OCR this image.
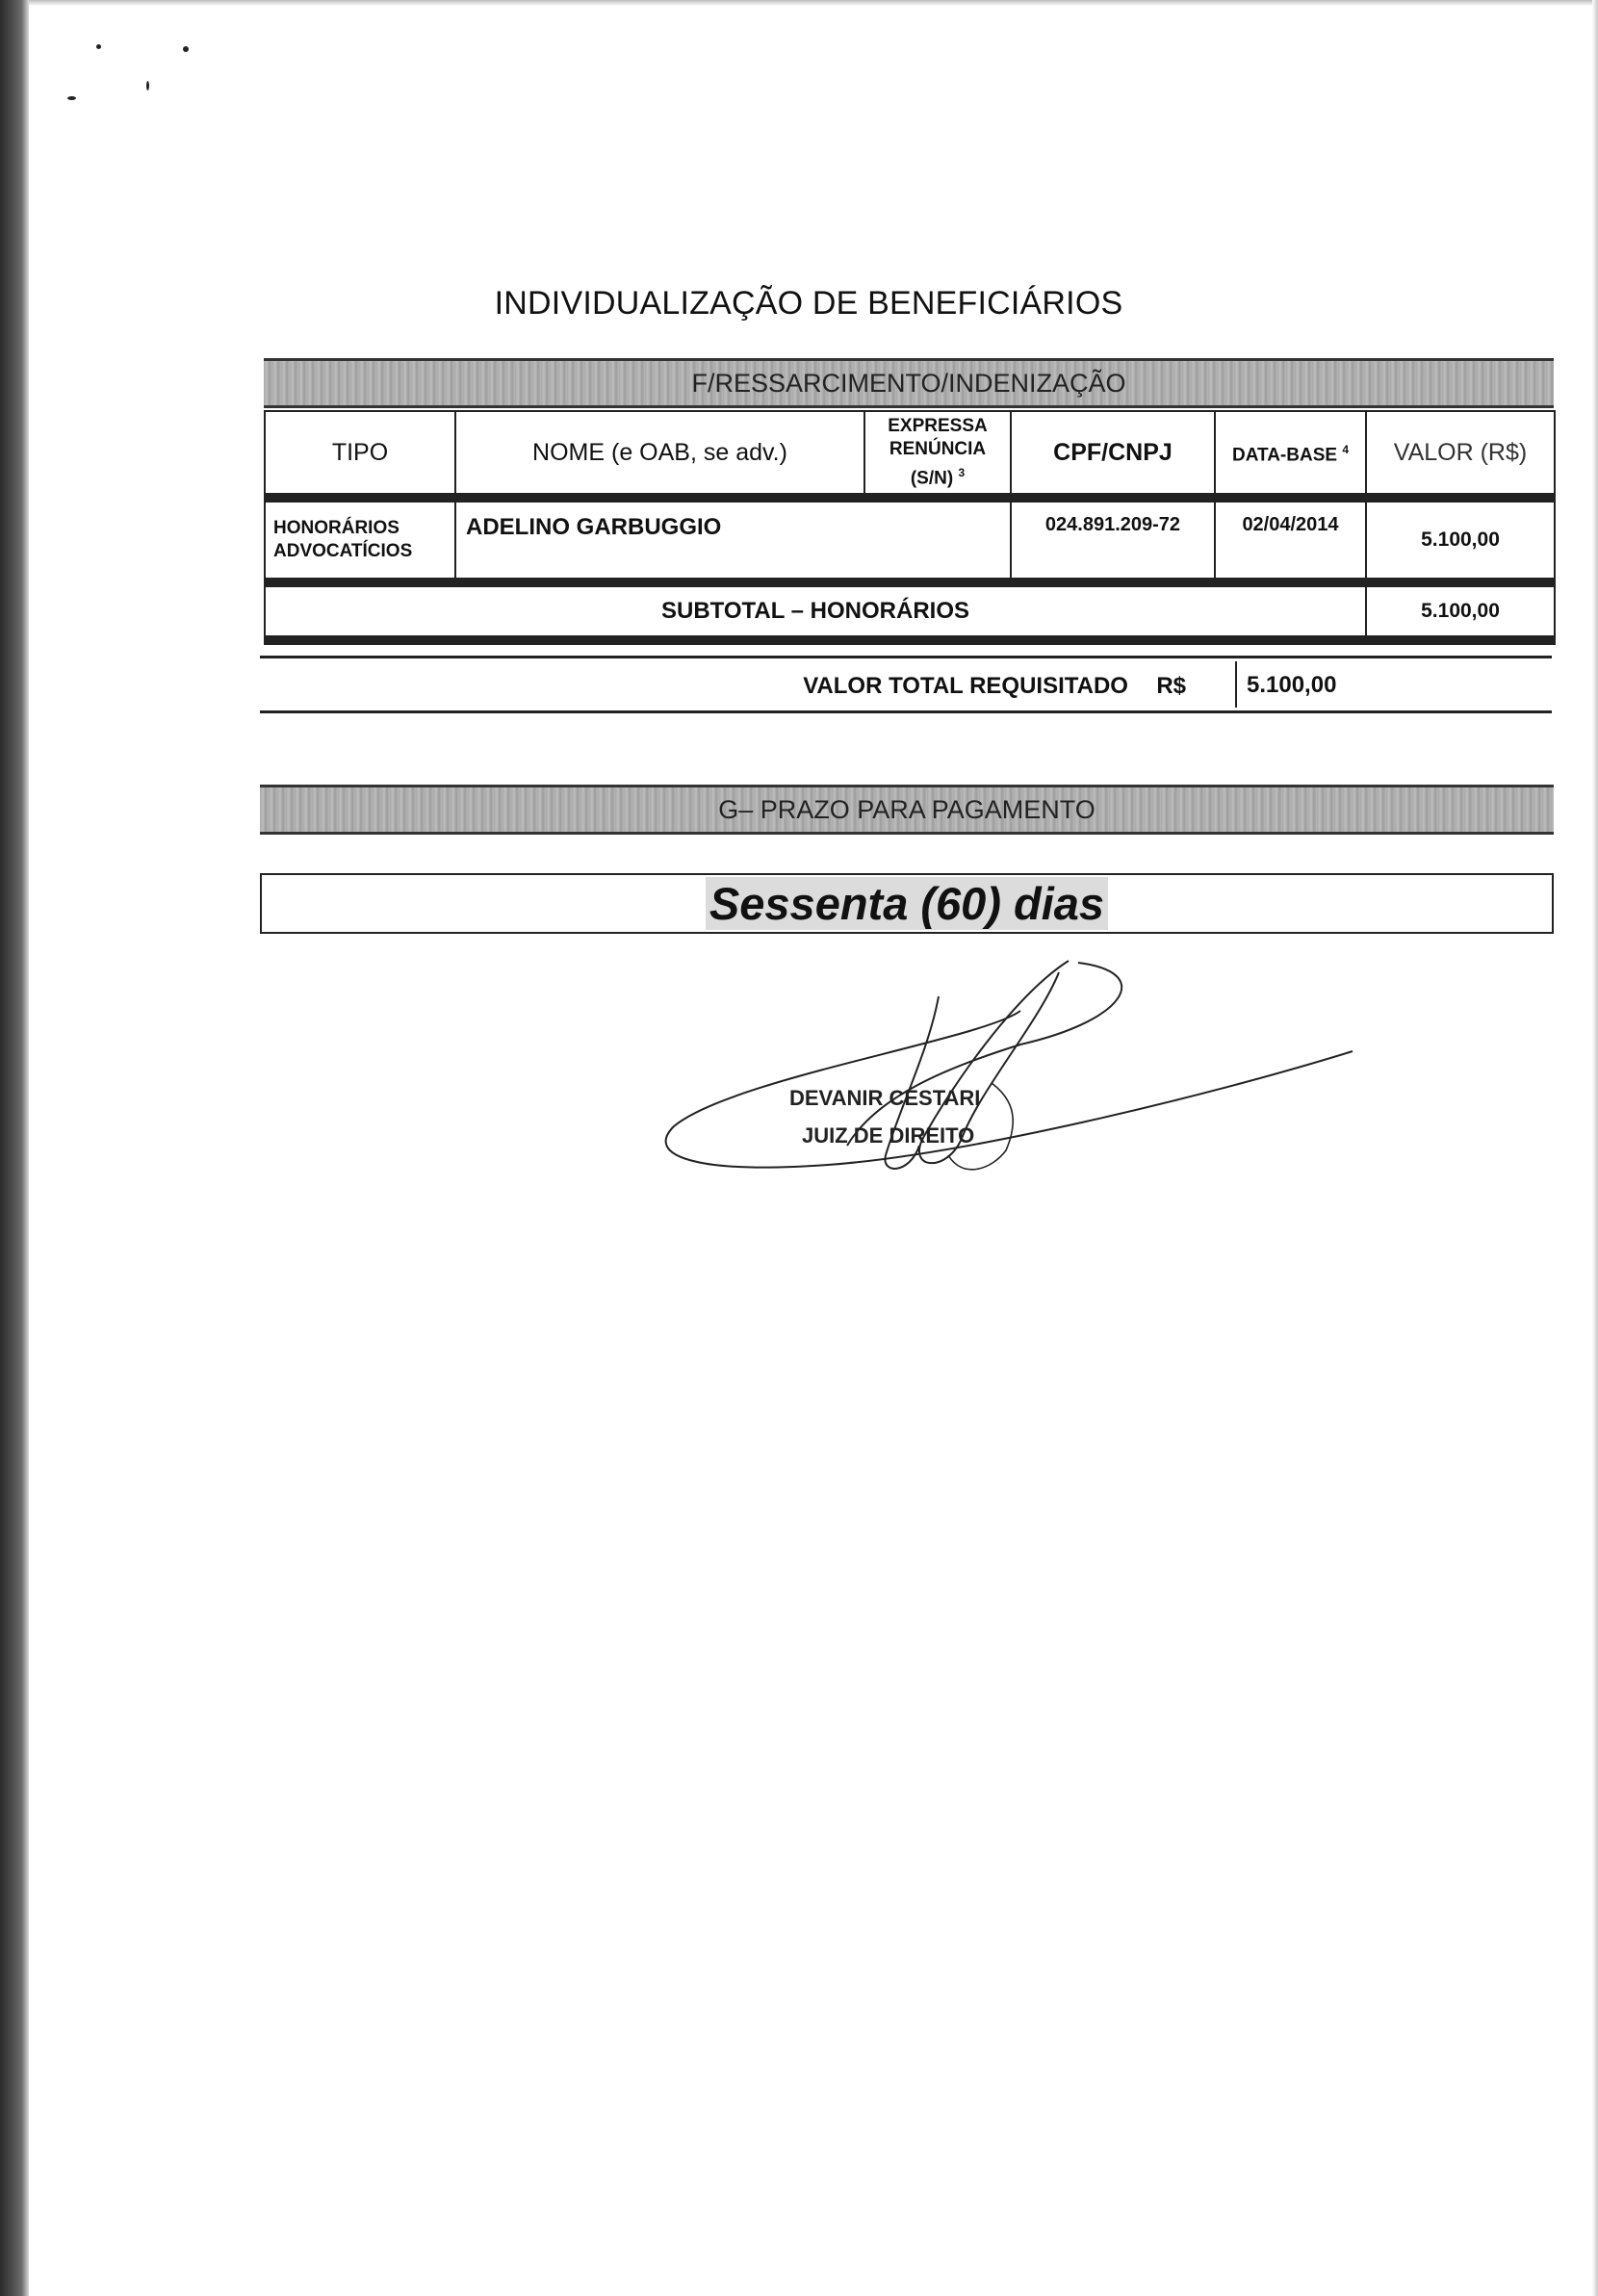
INDIVIDUALIZAÇÃO DE BENEFICIÁRIOS
F/RESSARCIMENTO/INDENIZAÇÃO
TIPO	NOME (e OAB, se adv.)	EXPRESSA
RENÚNCIA
(S/N) $^3$	CPF/CNPJ	DATA-BASE $^4$	VALOR (R$)

HONORÁRIOS
ADVOCATÍCIOS	ADELINO GARBUGGIO		024.891.209-72	02/04/2014	5.100,00

SUBTOTAL – HONORÁRIOS					5.100,00

VALOR TOTAL REQUISITADO R$	5.100,00
G– PRAZO PARA PAGAMENTO
Sessenta (60) dias
DEVANIR CESTARI
JUIZ DE DIREITO
